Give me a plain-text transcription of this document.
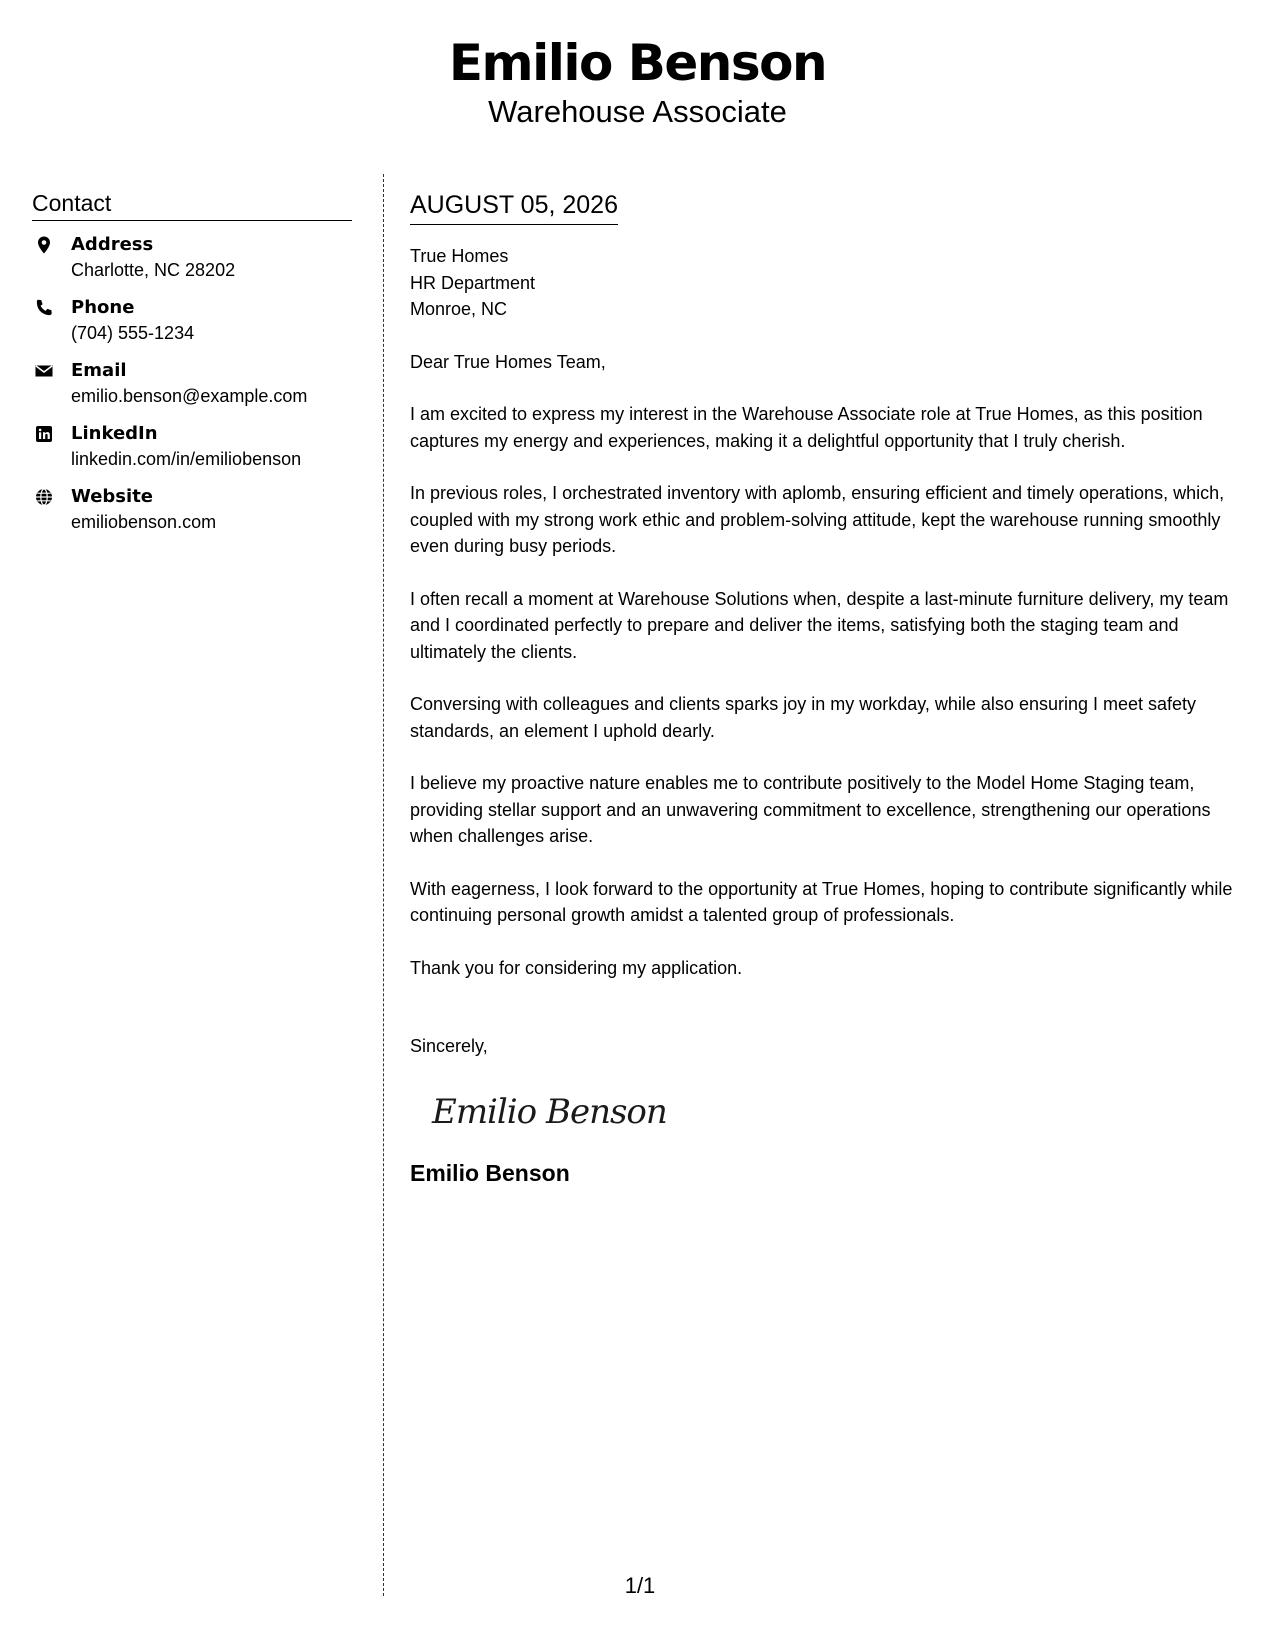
Emilio Benson
Warehouse Associate
Contact
Address
Charlotte, NC 28202
Phone
(704) 555-1234
Email
emilio.benson@example.com
LinkedIn
linkedin.com/in/emiliobenson
Website
emiliobenson.com
AUGUST 05, 2026
True Homes
HR Department
Monroe, NC

Dear True Homes Team,

I am excited to express my interest in the Warehouse Associate role at True Homes, as this position captures my energy and experiences, making it a delightful opportunity that I truly cherish.

In previous roles, I orchestrated inventory with aplomb, ensuring efficient and timely operations, which, coupled with my strong work ethic and problem-solving attitude, kept the warehouse running smoothly even during busy periods.

I often recall a moment at Warehouse Solutions when, despite a last-minute furniture delivery, my team and I coordinated perfectly to prepare and deliver the items, satisfying both the staging team and ultimately the clients.

Conversing with colleagues and clients sparks joy in my workday, while also ensuring I meet safety standards, an element I uphold dearly.

I believe my proactive nature enables me to contribute positively to the Model Home Staging team, providing stellar support and an unwavering commitment to excellence, strengthening our operations when challenges arise.

With eagerness, I look forward to the opportunity at True Homes, hoping to contribute significantly while continuing personal growth amidst a talented group of professionals.

Thank you for considering my application.

Sincerely,
Emilio Benson
Emilio Benson
1/1
